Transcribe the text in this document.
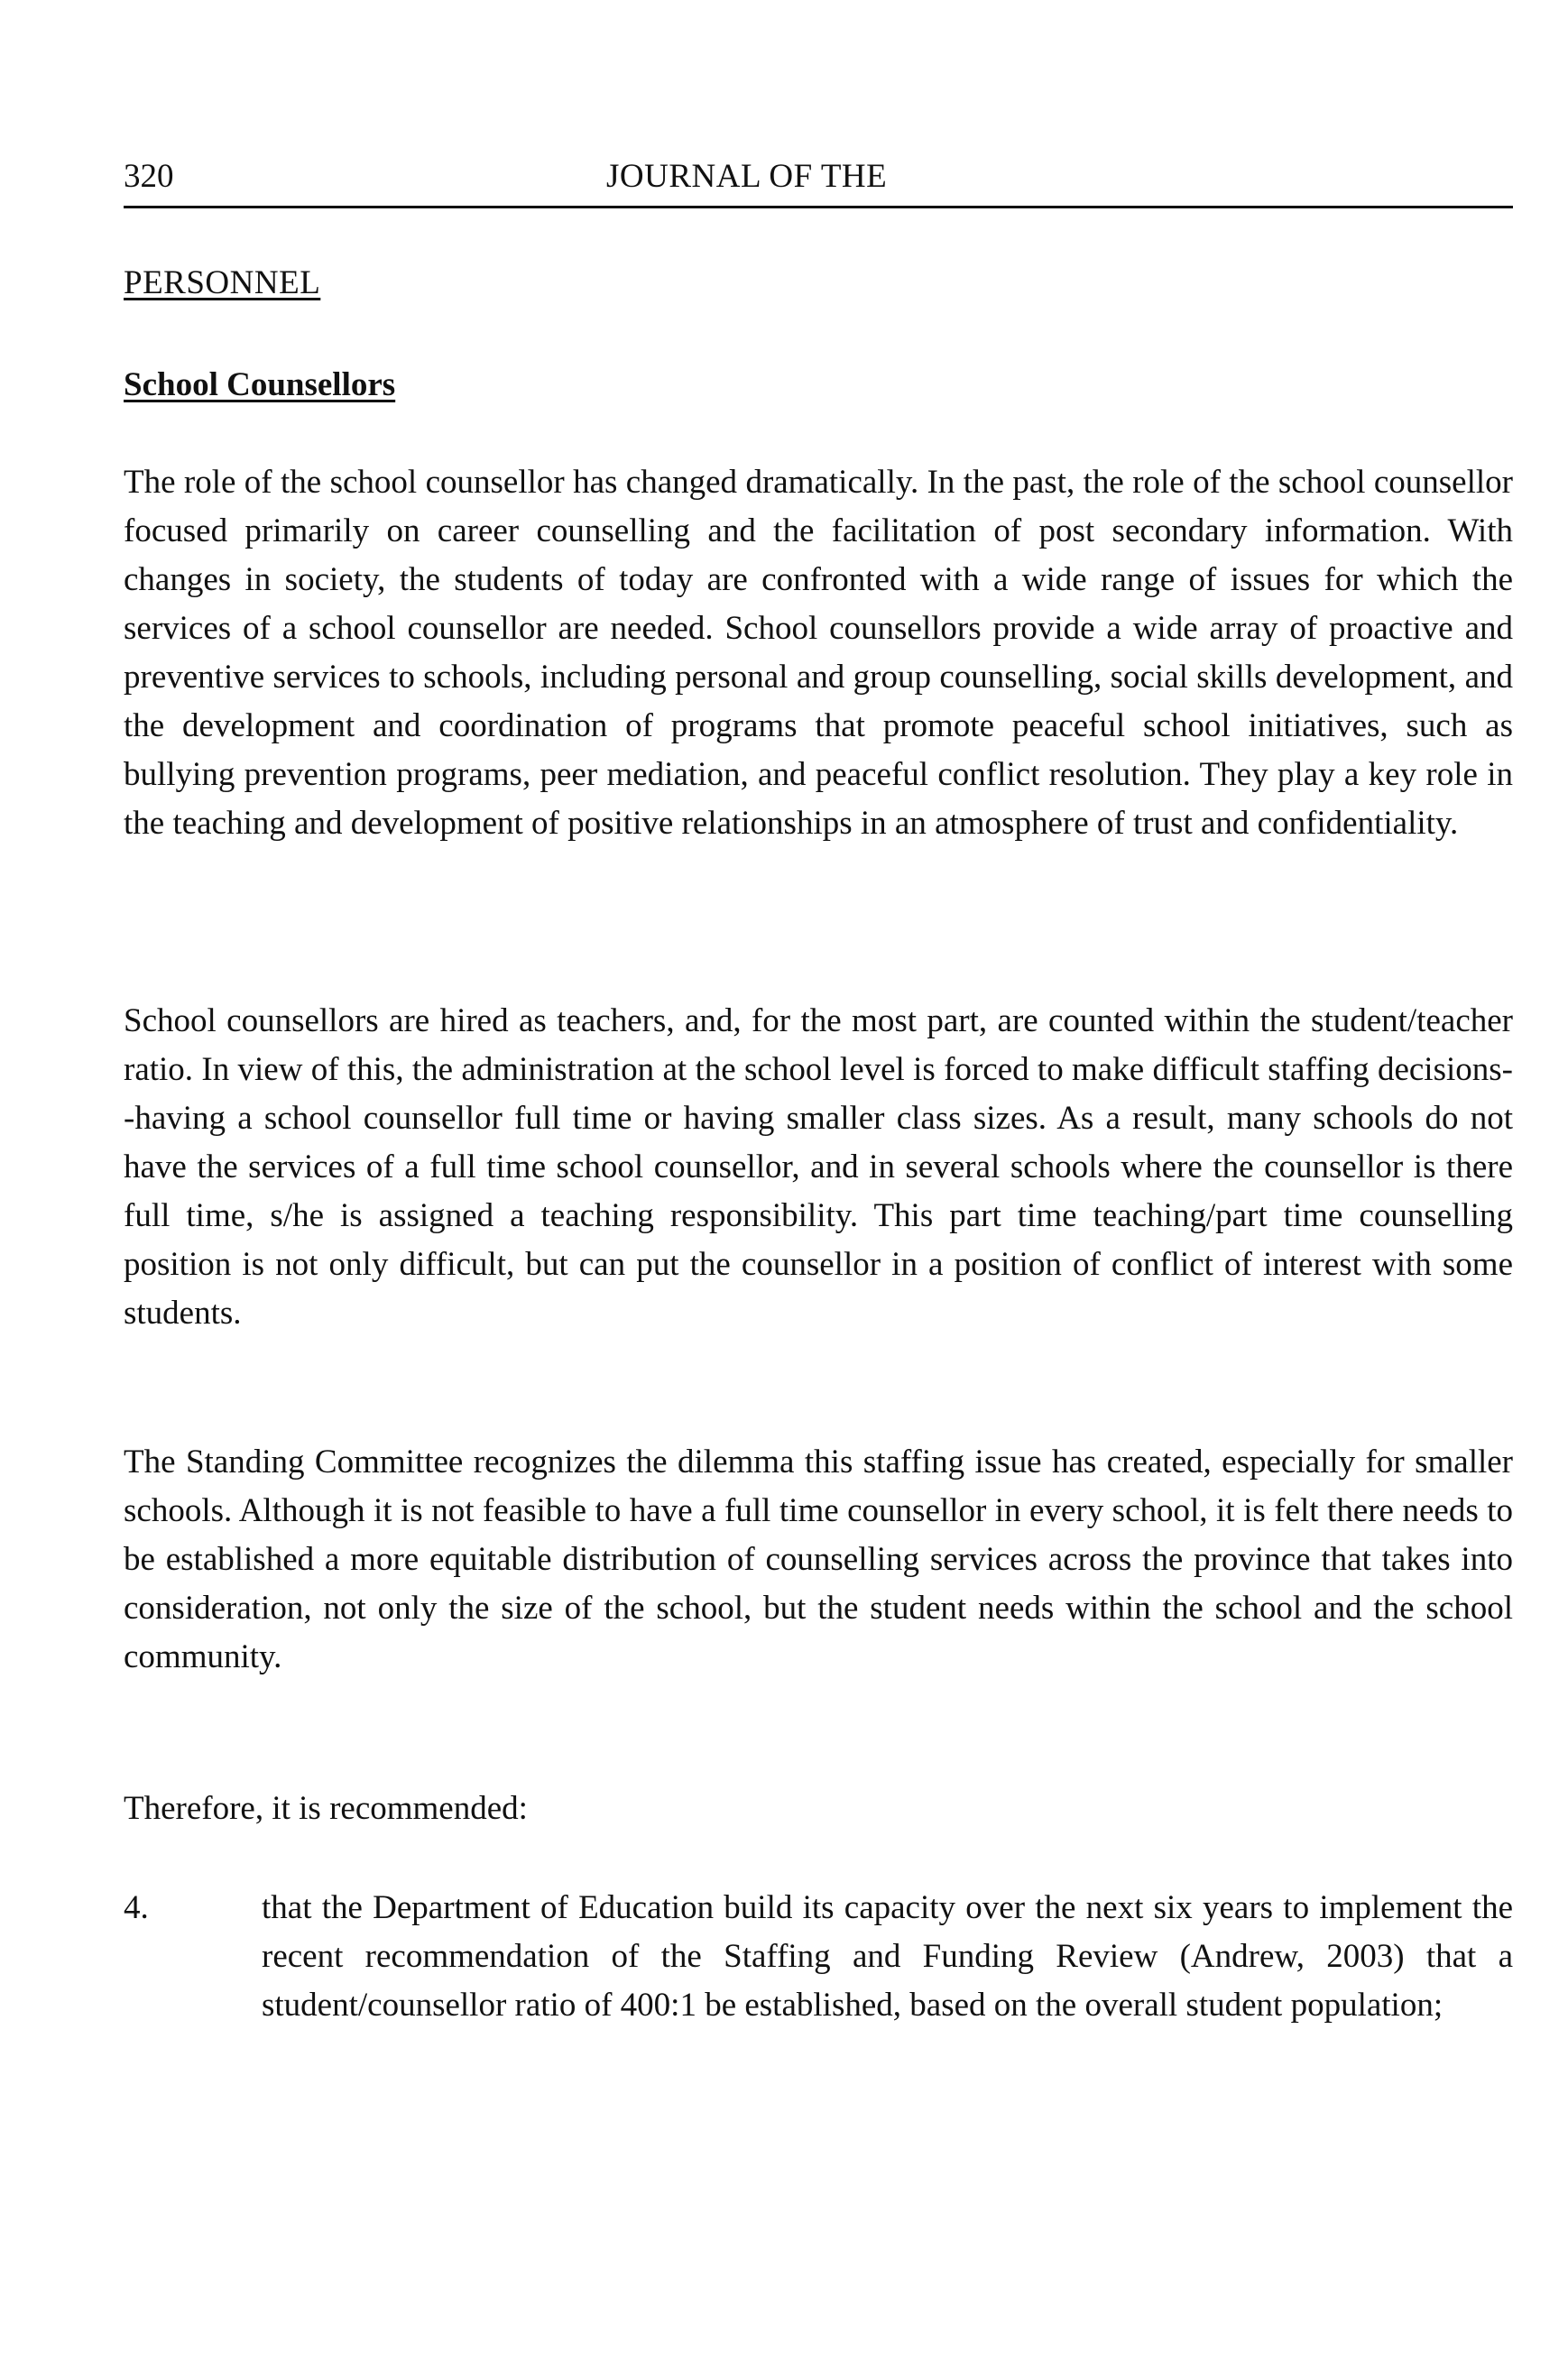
320	JOURNAL OF THE
PERSONNEL
School Counsellors

The role of the school counsellor has changed dramatically. In the past, the role of the school counsellor focused primarily on career counselling and the facilitation of post secondary information. With changes in society, the students of today are confronted with a wide range of issues for which the services of a school counsellor are needed. School counsellors provide a wide array of proactive and preventive services to schools, including personal and group counselling, social skills development, and the development and coordination of programs that promote peaceful school initiatives, such as bullying prevention programs, peer mediation, and peaceful conflict resolution. They play a key role in the teaching and development of positive relationships in an atmosphere of trust and confidentiality.

School counsellors are hired as teachers, and, for the most part, are counted within the student/teacher ratio. In view of this, the administration at the school level is forced to make difficult staffing decisions--having a school counsellor full time or having smaller class sizes. As a result, many schools do not have the services of a full time school counsellor, and in several schools where the counsellor is there full time, s/he is assigned a teaching responsibility. This part time teaching/part time counselling position is not only difficult, but can put the counsellor in a position of conflict of interest with some students.

The Standing Committee recognizes the dilemma this staffing issue has created, especially for smaller schools. Although it is not feasible to have a full time counsellor in every school, it is felt there needs to be established a more equitable distribution of counselling services across the province that takes into consideration, not only the size of the school, but the student needs within the school and the school community.

Therefore, it is recommended:

4.	that the Department of Education build its capacity over the next six years to implement the recent recommendation of the Staffing and Funding Review (Andrew, 2003) that a student/counsellor ratio of 400:1 be established, based on the overall student population;
